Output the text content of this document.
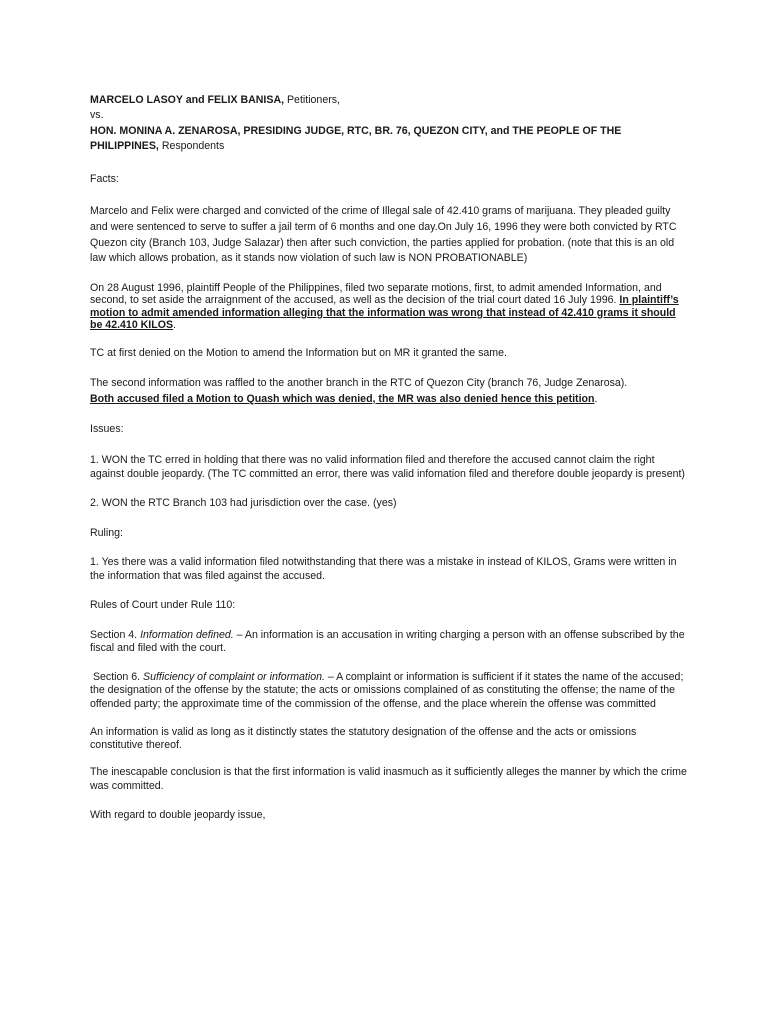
MARCELO LASOY and FELIX BANISA, Petitioners,

vs.

HON. MONINA A. ZENAROSA, PRESIDING JUDGE, RTC, BR. 76, QUEZON CITY, and THE PEOPLE OF THE PHILIPPINES, Respondents

Facts:

Marcelo and Felix were charged and convicted of the crime of Illegal sale of 42.410 grams of marijuana. They pleaded guilty and were sentenced to serve to suffer a jail term of 6 months and one day.On July 16, 1996 they were both convicted by RTC Quezon city (Branch 103, Judge Salazar) then after such conviction, the parties applied for probation. (note that this is an old law which allows probation, as it stands now violation of such law is NON PROBATIONABLE)

On 28 August 1996, plaintiff People of the Philippines, filed two separate motions, first, to admit amended Information, and second, to set aside the arraignment of the accused, as well as the decision of the trial court dated 16 July 1996. In plaintiff’s motion to admit amended information alleging that the information was wrong that instead of 42.410 grams it should be 42.410 KILOS.

TC at first denied on the Motion to amend the Information but on MR it granted the same.

The second information was raffled to the another branch in the RTC of Quezon City (branch 76, Judge Zenarosa).
Both accused filed a Motion to Quash which was denied, the MR was also denied hence this petition.

Issues:

1. WON the TC erred in holding that there was no valid information filed and therefore the accused cannot claim the right against double jeopardy. (The TC committed an error, there was valid infomation filed and therefore double jeopardy is present)

2. WON the RTC Branch 103 had jurisdiction over the case. (yes)

Ruling:

1. Yes there was a valid information filed notwithstanding that there was a mistake in instead of KILOS, Grams were written in the information that was filed against the accused.

Rules of Court under Rule 110:

Section 4. Information defined. – An information is an accusation in writing charging a person with an offense subscribed by the fiscal and filed with the court.

Section 6. Sufficiency of complaint or information. – A complaint or information is sufficient if it states the name of the accused; the designation of the offense by the statute; the acts or omissions complained of as constituting the offense; the name of the offended party; the approximate time of the commission of the offense, and the place wherein the offense was committed

An information is valid as long as it distinctly states the statutory designation of the offense and the acts or omissions constitutive thereof.

The inescapable conclusion is that the first information is valid inasmuch as it sufficiently alleges the manner by which the crime was committed.

With regard to double jeopardy issue,
